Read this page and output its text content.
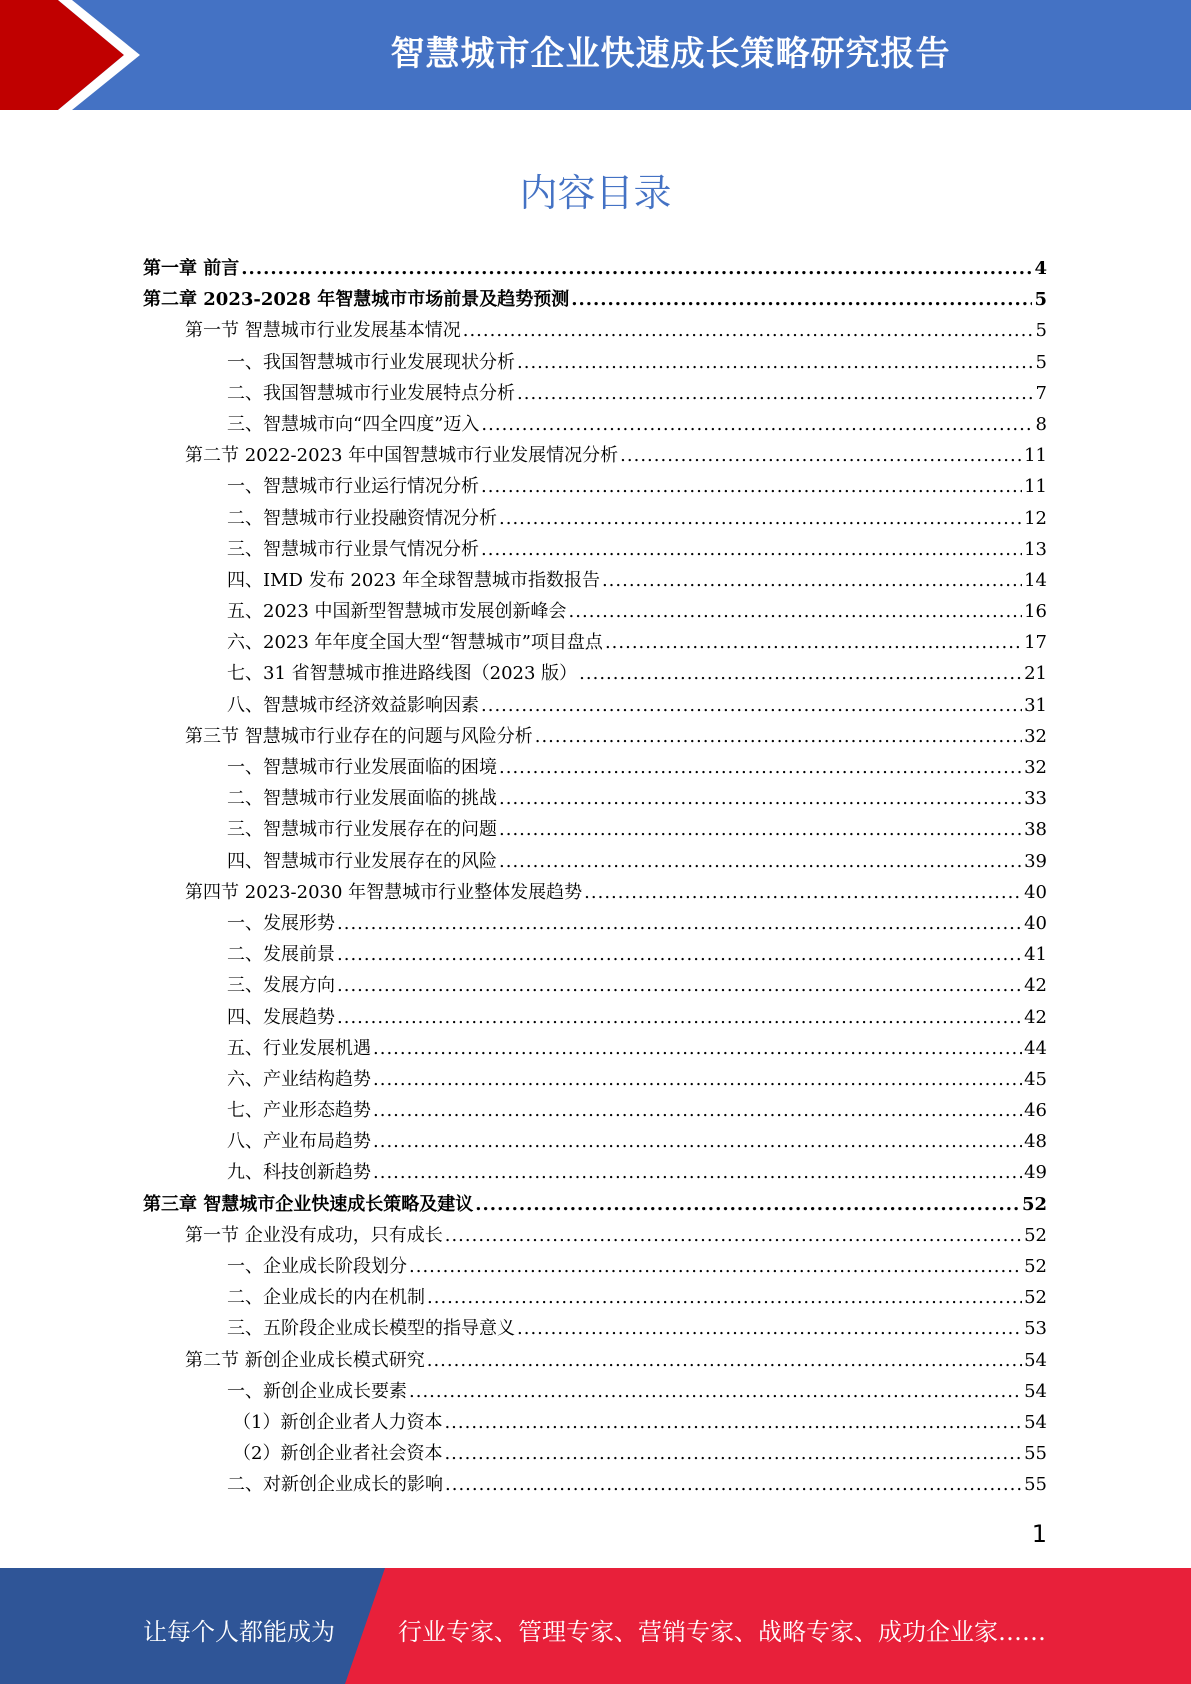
智慧城市企业快速成长策略研究报告
内容目录
第一章 前言 .....	4
第二章 2023-2028 年智慧城市市场前景及趋势预测 .....	5
第一节 智慧城市行业发展基本情况 .....	5
一、我国智慧城市行业发展现状分析 .....	5
二、我国智慧城市行业发展特点分析 .....	7
三、智慧城市向“四全四度”迈入 .....	8
第二节 2022-2023 年中国智慧城市行业发展情况分析 .....	11
一、智慧城市行业运行情况分析 .....	11
二、智慧城市行业投融资情况分析 .....	12
三、智慧城市行业景气情况分析 .....	13
四、IMD 发布 2023 年全球智慧城市指数报告 .....	14
五、2023 中国新型智慧城市发展创新峰会 .....	16
六、2023 年年度全国大型“智慧城市”项目盘点 .....	17
七、31 省智慧城市推进路线图（2023 版） .....	21
八、智慧城市经济效益影响因素 .....	31
第三节 智慧城市行业存在的问题与风险分析 .....	32
一、智慧城市行业发展面临的困境 .....	32
二、智慧城市行业发展面临的挑战 .....	33
三、智慧城市行业发展存在的问题 .....	38
四、智慧城市行业发展存在的风险 .....	39
第四节 2023-2030 年智慧城市行业整体发展趋势 .....	40
一、发展形势 .....	40
二、发展前景 .....	41
三、发展方向 .....	42
四、发展趋势 .....	42
五、行业发展机遇 .....	44
六、产业结构趋势 .....	45
七、产业形态趋势 .....	46
八、产业布局趋势 .....	48
九、科技创新趋势 .....	49
第三章 智慧城市企业快速成长策略及建议 .....	52
第一节 企业没有成功，只有成长 .....	52
一、企业成长阶段划分 .....	52
二、企业成长的内在机制 .....	52
三、五阶段企业成长模型的指导意义 .....	53
第二节 新创企业成长模式研究 .....	54
一、新创企业成长要素 .....	54
（1）新创企业者人力资本 .....	54
（2）新创企业者社会资本 .....	55
二、对新创企业成长的影响 .....	55
1
让每个人都能成为	行业专家、管理专家、营销专家、战略专家、成功企业家……
